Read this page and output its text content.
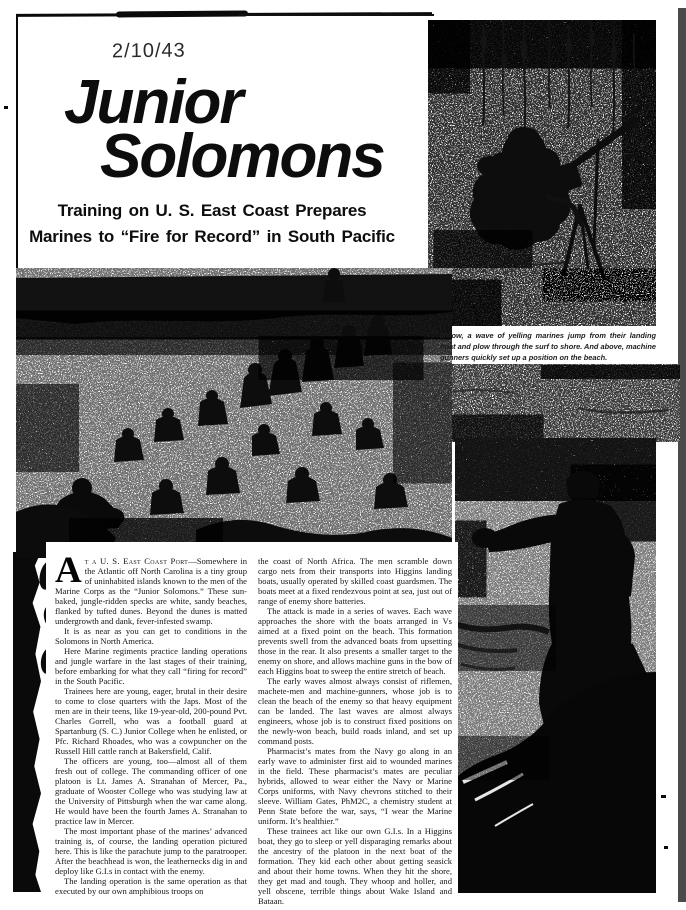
2/10/43
Junior
Solomons
Training on U. S. East Coast Prepares
Marines to “Fire for Record” in South Pacific
Below, a wave of yelling marines jump from their landing boat and plow through the surf to shore. And above, machine gunners quickly set up a position on the beach.

At a U. S. East Coast Port—Somewhere in the Atlantic off North Carolina is a tiny group of uninhabited islands known to the men of the Marine Corps as the “Junior Solomons.” These sun-baked, jungle-ridden specks are white, sandy beaches, flanked by tufted dunes. Beyond the dunes is matted undergrowth and dank, fever-infested swamp.

It is as near as you can get to conditions in the Solomons in North America.

Here Marine regiments practice landing operations and jungle warfare in the last stages of their training, before embarking for what they call “firing for record” in the South Pacific.

Trainees here are young, eager, brutal in their desire to come to close quarters with the Japs. Most of the men are in their teens, like 19-year-old, 200-pound Pvt. Charles Gorrell, who was a football guard at Spartanburg (S. C.) Junior College when he enlisted, or Pfc. Richard Rhoades, who was a cowpuncher on the Russell Hill cattle ranch at Bakersfield, Calif.

The officers are young, too—almost all of them fresh out of college. The commanding officer of one platoon is Lt. James A. Stranahan of Mercer, Pa., graduate of Wooster College who was studying law at the University of Pittsburgh when the war came along. He would have been the fourth James A. Stranahan to practice law in Mercer.

The most important phase of the marines’ advanced training is, of course, the landing operation pictured here. This is like the parachute jump to the paratrooper. After the beachhead is won, the leathernecks dig in and deploy like G.I.s in contact with the enemy.

The landing operation is the same operation as that executed by our own amphibious troops on

the coast of North Africa. The men scramble down cargo nets from their transports into Higgins landing boats, usually operated by skilled coast guardsmen. The boats meet at a fixed rendezvous point at sea, just out of range of enemy shore batteries.

The attack is made in a series of waves. Each wave approaches the shore with the boats arranged in Vs aimed at a fixed point on the beach. This formation prevents swell from the advanced boats from upsetting those in the rear. It also presents a smaller target to the enemy on shore, and allows machine guns in the bow of each Higgins boat to sweep the entire stretch of beach.

The early waves almost always consist of riflemen, machete-men and machine-gunners, whose job is to clean the beach of the enemy so that heavy equipment can be landed. The last waves are almost always engineers, whose job is to construct fixed positions on the newly-won beach, build roads inland, and set up command posts.

Pharmacist’s mates from the Navy go along in an early wave to administer first aid to wounded marines in the field. These pharmacist’s mates are peculiar hybrids, allowed to wear either the Navy or Marine Corps uniforms, with Navy chevrons stitched to their sleeve. William Gates, PhM2C, a chemistry student at Penn State before the war, says, “I wear the Marine uniform. It’s healthier.”

These trainees act like our own G.I.s. In a Higgins boat, they go to sleep or yell disparaging remarks about the ancestry of the platoon in the next boat of the formation. They kid each other about getting seasick and about their home towns. When they hit the shore, they get mad and tough. They whoop and holler, and yell obscene, terrible things about Wake Island and Bataan.
